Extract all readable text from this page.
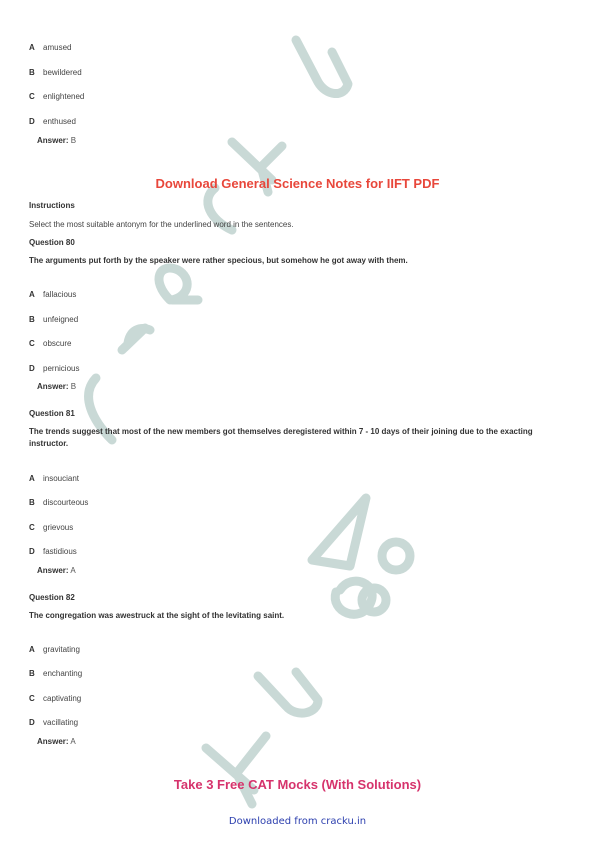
A amused
B bewildered
C enlightened
D enthused
Answer: B
Download General Science Notes for IIFT PDF
Instructions
Select the most suitable antonym for the underlined word in the sentences.
Question 80
The arguments put forth by the speaker were rather specious, but somehow he got away with them.
A fallacious
B unfeigned
C obscure
D pernicious
Answer: B
Question 81
The trends suggest that most of the new members got themselves deregistered within 7 - 10 days of their joining due to the exacting instructor.
A insouciant
B discourteous
C grievous
D fastidious
Answer: A
Question 82
The congregation was awestruck at the sight of the levitating saint.
A gravitating
B enchanting
C captivating
D vacillating
Answer: A
Take 3 Free CAT Mocks (With Solutions)
Downloaded from cracku.in
